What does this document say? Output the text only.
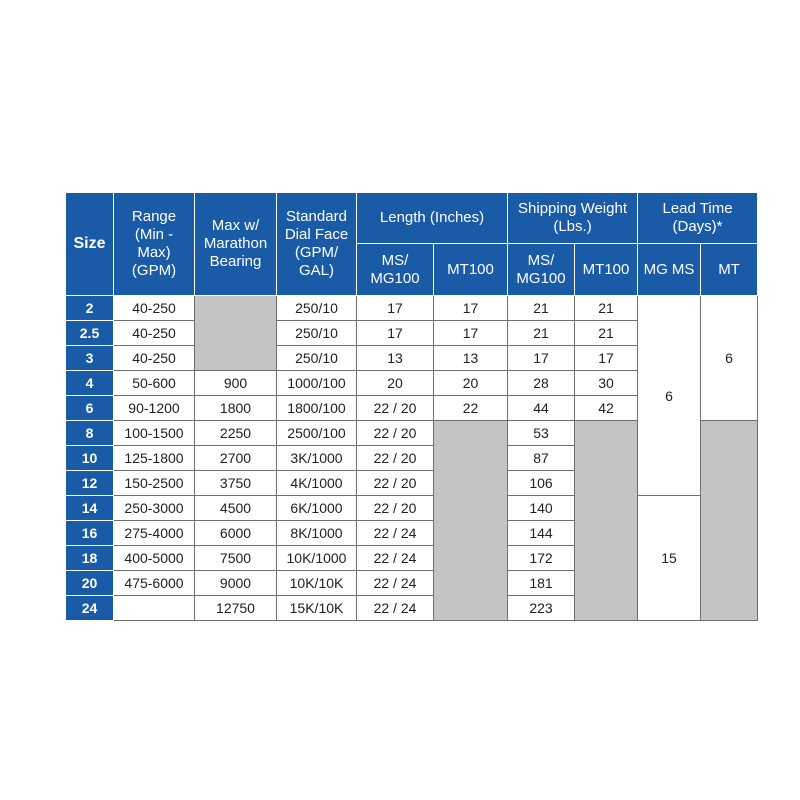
Size	Range
(Min -
Max)
(GPM)	Max w/
Marathon
Bearing	Standard
Dial Face
(GPM/
GAL)	Length (Inches)		Shipping Weight
(Lbs.)		Lead Time
(Days)*	
				MS/
MG100	MT100	MS/
MG100	MT100	MG MS	MT
2	40-250		250/10	17	17	21	21	6	6
2.5	40-250		250/10	17	17	21	21		
3	40-250		250/10	13	13	17	17		
4	50-600	900	1000/100	20	20	28	30		
6	90-1200	1800	1800/100	22 / 20	22	44	42		
8	100-1500	2250	2500/100	22 / 20		53			
10	125-1800	2700	3K/1000	22 / 20		87			
12	150-2500	3750	4K/1000	22 / 20		106			
14	250-3000	4500	6K/1000	22 / 20		140		15	
16	275-4000	6000	8K/1000	22 / 24		144			
18	400-5000	7500	10K/1000	22 / 24		172			
20	475-6000	9000	10K/10K	22 / 24		181			
24		12750	15K/10K	22 / 24		223			
